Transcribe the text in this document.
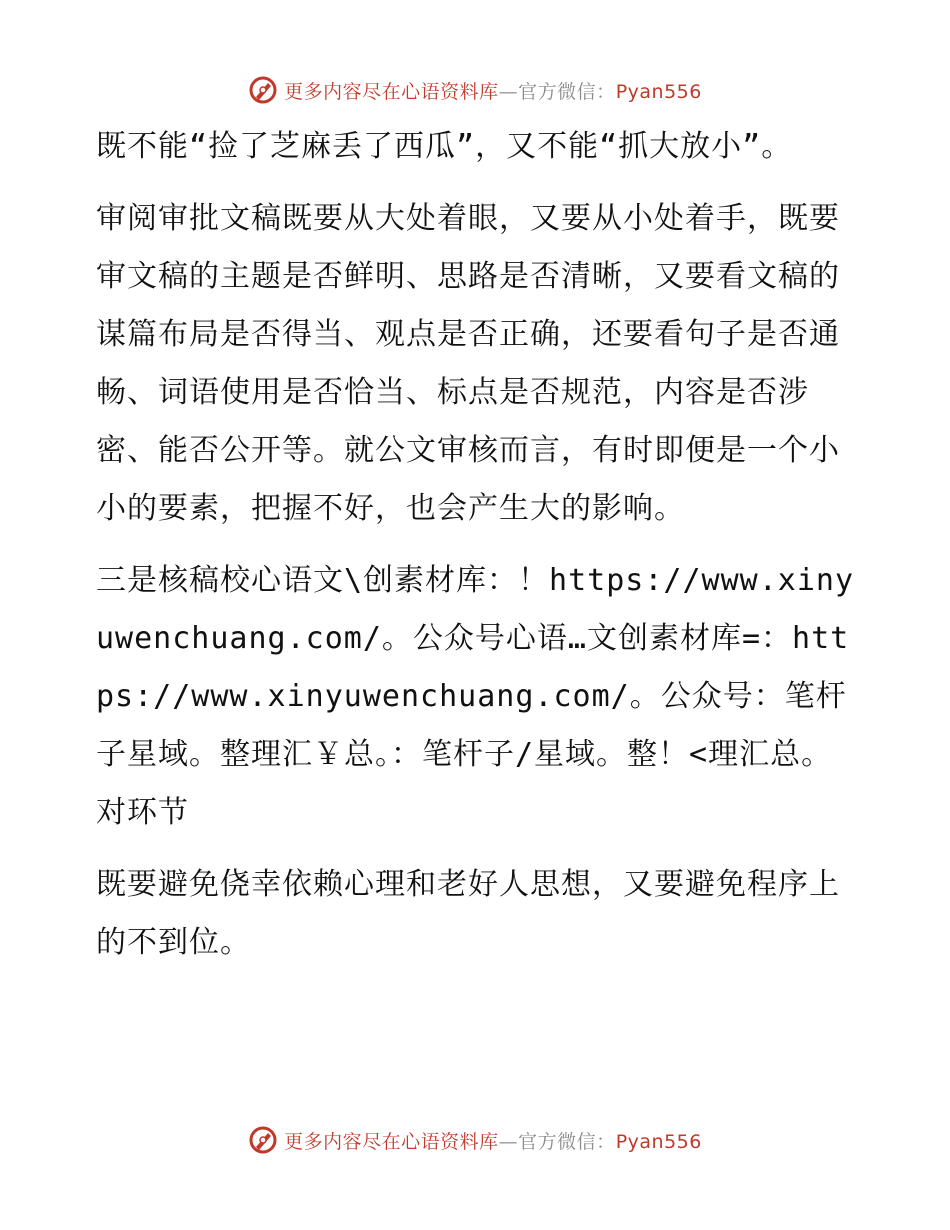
更多内容尽在心语资料库—官方微信：Pyan556

既不能“捡了芝麻丢了西瓜”，又不能“抓大放小”。

审阅审批文稿既要从大处着眼，又要从小处着手，既要审文稿的主题是否鲜明、思路是否清晰，又要看文稿的谋篇布局是否得当、观点是否正确，还要看句子是否通畅、词语使用是否恰当、标点是否规范，内容是否涉密、能否公开等。就公文审核而言，有时即便是一个小小的要素，把握不好，也会产生大的影响。

三是核稿校心语文\创素材库：！https://www.xinyuwenchuang.com/。公众号心语…文创素材库=：https://www.xinyuwenchuang.com/。公众号：笔杆子星域。整理汇￥总。：笔杆子/星域。整！<理汇总。对环节

既要避免侥幸依赖心理和老好人思想，又要避免程序上的不到位。

更多内容尽在心语资料库—官方微信：Pyan556
